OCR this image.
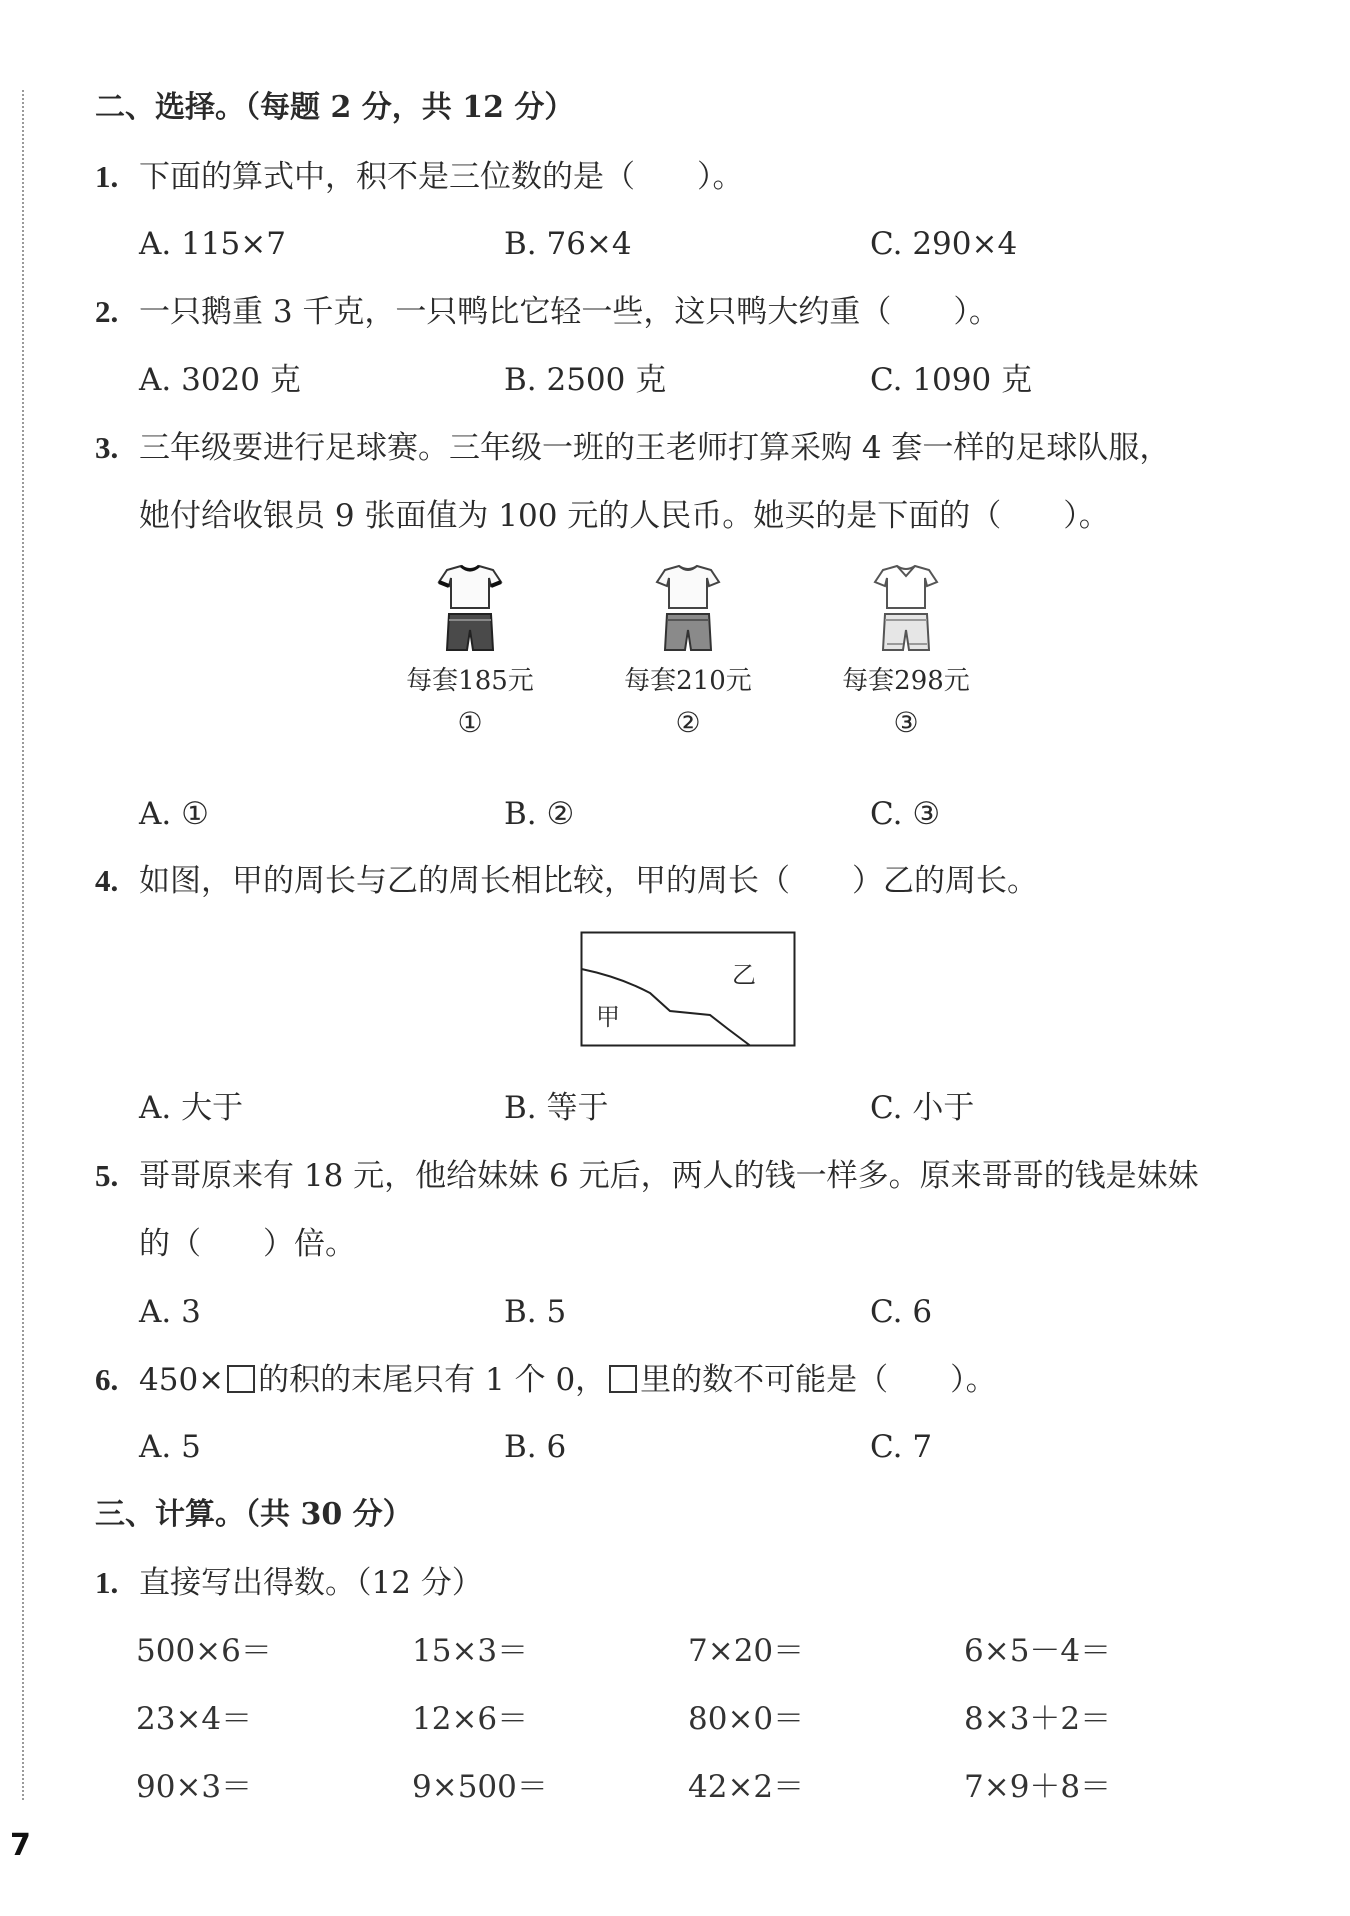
二、选择。（每题 2 分，共 12 分）
1. 下面的算式中，积不是三位数的是（　　）。
A. 115×7	B. 76×4	C. 290×4
2. 一只鹅重 3 千克，一只鸭比它轻一些，这只鸭大约重（　　）。
A. 3020 克	B. 2500 克	C. 1090 克
3. 三年级要进行足球赛。三年级一班的王老师打算采购 4 套一样的足球队服，
她付给收银员 9 张面值为 100 元的人民币。她买的是下面的（　　）。
每套185元
①
每套210元
②
每套298元
③
A. ①	B. ②	C. ③
4. 如图，甲的周长与乙的周长相比较，甲的周长（　　）乙的周长。
乙
甲
A. 大于	B. 等于	C. 小于
5. 哥哥原来有 18 元，他给妹妹 6 元后，两人的钱一样多。原来哥哥的钱是妹妹
的（　　）倍。
A. 3	B. 5	C. 6
6. 450× 的积的末尾只有 1 个 0， 里的数不可能是（　　）。
A. 5	B. 6	C. 7
三、计算。（共 30 分）
1. 直接写出得数。（12 分）
500×6＝	15×3＝	7×20＝	6×5－4＝
23×4＝	12×6＝	80×0＝	8×3＋2＝
90×3＝	9×500＝	42×2＝	7×9＋8＝
7
